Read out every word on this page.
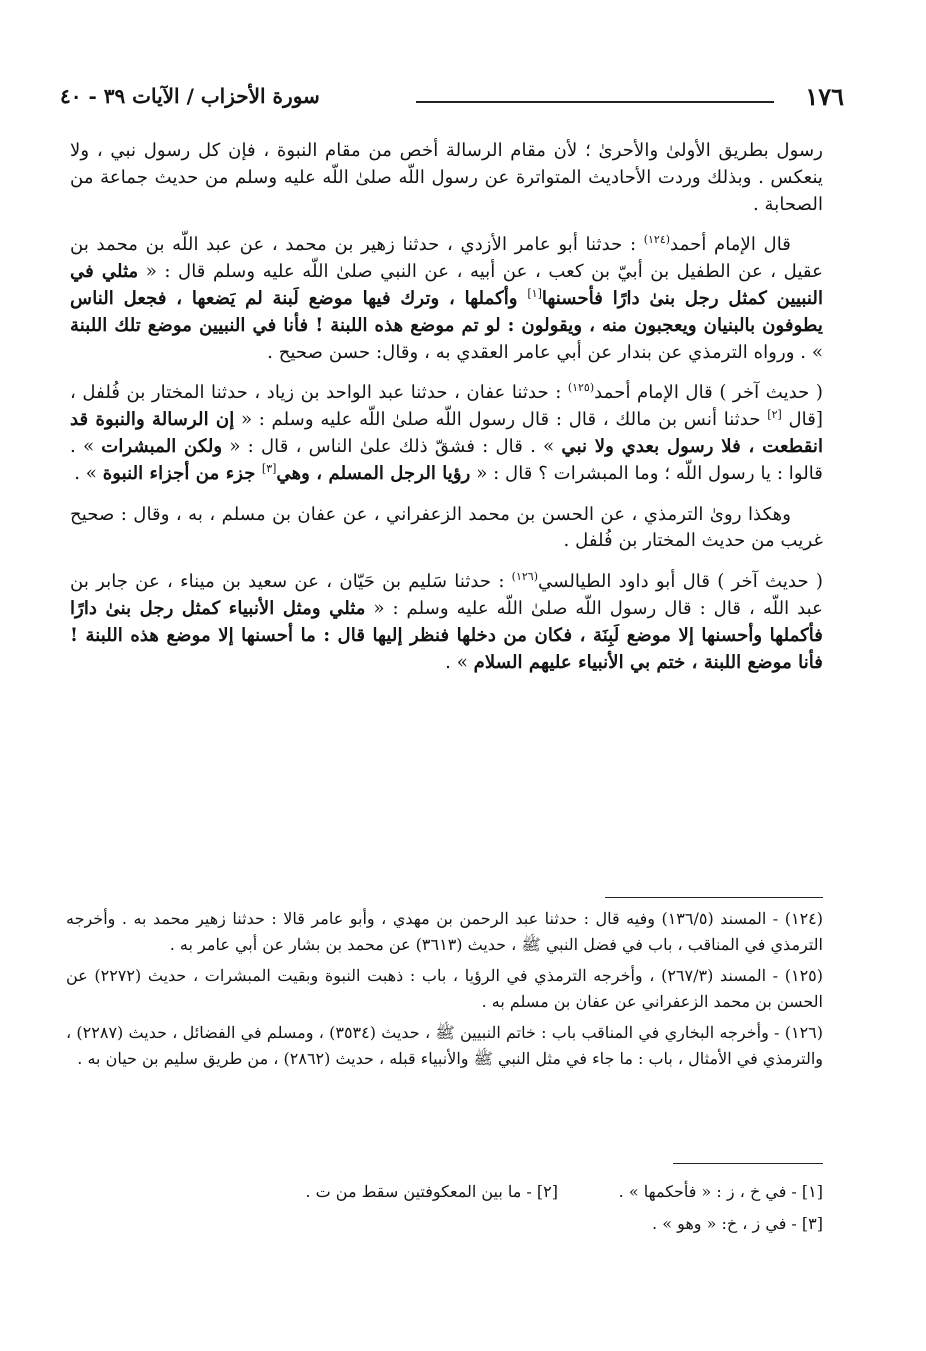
١٧٦
سورة الأحزاب / الآيات ٣٩ - ٤٠

رسول بطريق الأولىٰ والأحرىٰ ؛ لأن مقام الرسالة أخص من مقام النبوة ، فإن كل رسول نبي ، ولا ينعكس . وبذلك وردت الأحاديث المتواترة عن رسول اللّه صلىٰ اللّه عليه وسلم من حديث جماعة من الصحابة .

قال الإمام أحمد$^{(١٢٤)}$ : حدثنا أبو عامر الأزدي ، حدثنا زهير بن محمد ، عن عبد اللّه بن محمد بن عقيل ، عن الطفيل بن أبيّ بن كعب ، عن أبيه ، عن النبي صلىٰ اللّه عليه وسلم قال : « مثلي في النبيين كمثل رجل بنىٰ دارًا فأحسنها[١] وأكملها ، وترك فيها موضع لَبنة لم يَضعها ، فجعل الناس يطوفون بالبنيان ويعجبون منه ، ويقولون : لو تم موضع هذه اللبنة ! فأنا في النبيين موضع تلك اللبنة » . ورواه الترمذي عن بندار عن أبي عامر العقدي به ، وقال: حسن صحيح .

( حديث آخر ) قال الإمام أحمد$^{(١٢٥)}$ : حدثنا عفان ، حدثنا عبد الواحد بن زياد ، حدثنا المختار بن فُلفل ، [قال [٢] حدثنا أنس بن مالك ، قال : قال رسول اللّه صلىٰ اللّه عليه وسلم : « إن الرسالة والنبوة قد انقطعت ، فلا رسول بعدي ولا نبي » . قال : فشقّ ذلك علىٰ الناس ، قال : « ولكن المبشرات » . قالوا : يا رسول اللّه ؛ وما المبشرات ؟ قال : « رؤيا الرجل المسلم ، وهي[٣] جزء من أجزاء النبوة » .

وهكذا روىٰ الترمذي ، عن الحسن بن محمد الزعفراني ، عن عفان بن مسلم ، به ، وقال : صحيح غريب من حديث المختار بن فُلفل .

( حديث آخر ) قال أبو داود الطيالسي$^{(١٢٦)}$ : حدثنا سَليم بن حَيّان ، عن سعيد بن ميناء ، عن جابر بن عبد اللّه ، قال : قال رسول اللّه صلىٰ اللّه عليه وسلم : « مثلي ومثل الأنبياء كمثل رجل بنىٰ دارًا فأكملها وأحسنها إلا موضع لَبِنَة ، فكان من دخلها فنظر إليها قال : ما أحسنها إلا موضع هذه اللبنة ! فأنا موضع اللبنة ، ختم بي الأنبياء عليهم السلام » .

(١٢٤) - المسند (١٣٦/٥) وفيه قال : حدثنا عبد الرحمن بن مهدي ، وأبو عامر قالا : حدثنا زهير محمد به . وأخرجه الترمذي في المناقب ، باب في فضل النبي ﷺ ، حديث (٣٦١٣) عن محمد بن بشار عن أبي عامر به .

(١٢٥) - المسند (٢٦٧/٣) ، وأخرجه الترمذي في الرؤيا ، باب : ذهبت النبوة وبقيت المبشرات ، حديث (٢٢٧٢) عن الحسن بن محمد الزعفراني عن عفان بن مسلم به .

(١٢٦) - وأخرجه البخاري في المناقب باب : خاتم النبيين ﷺ ، حديث (٣٥٣٤) ، ومسلم في الفضائل ، حديث (٢٢٨٧) ، والترمذي في الأمثال ، باب : ما جاء في مثل النبي ﷺ والأنبياء قبله ، حديث (٢٨٦٢) ، من طريق سليم بن حيان به .

[١] - في خ ، ز : « فأحكمها » .
[٢] - ما بين المعكوفتين سقط من ت .
[٣] - في ز ، خ: « وهو » .
